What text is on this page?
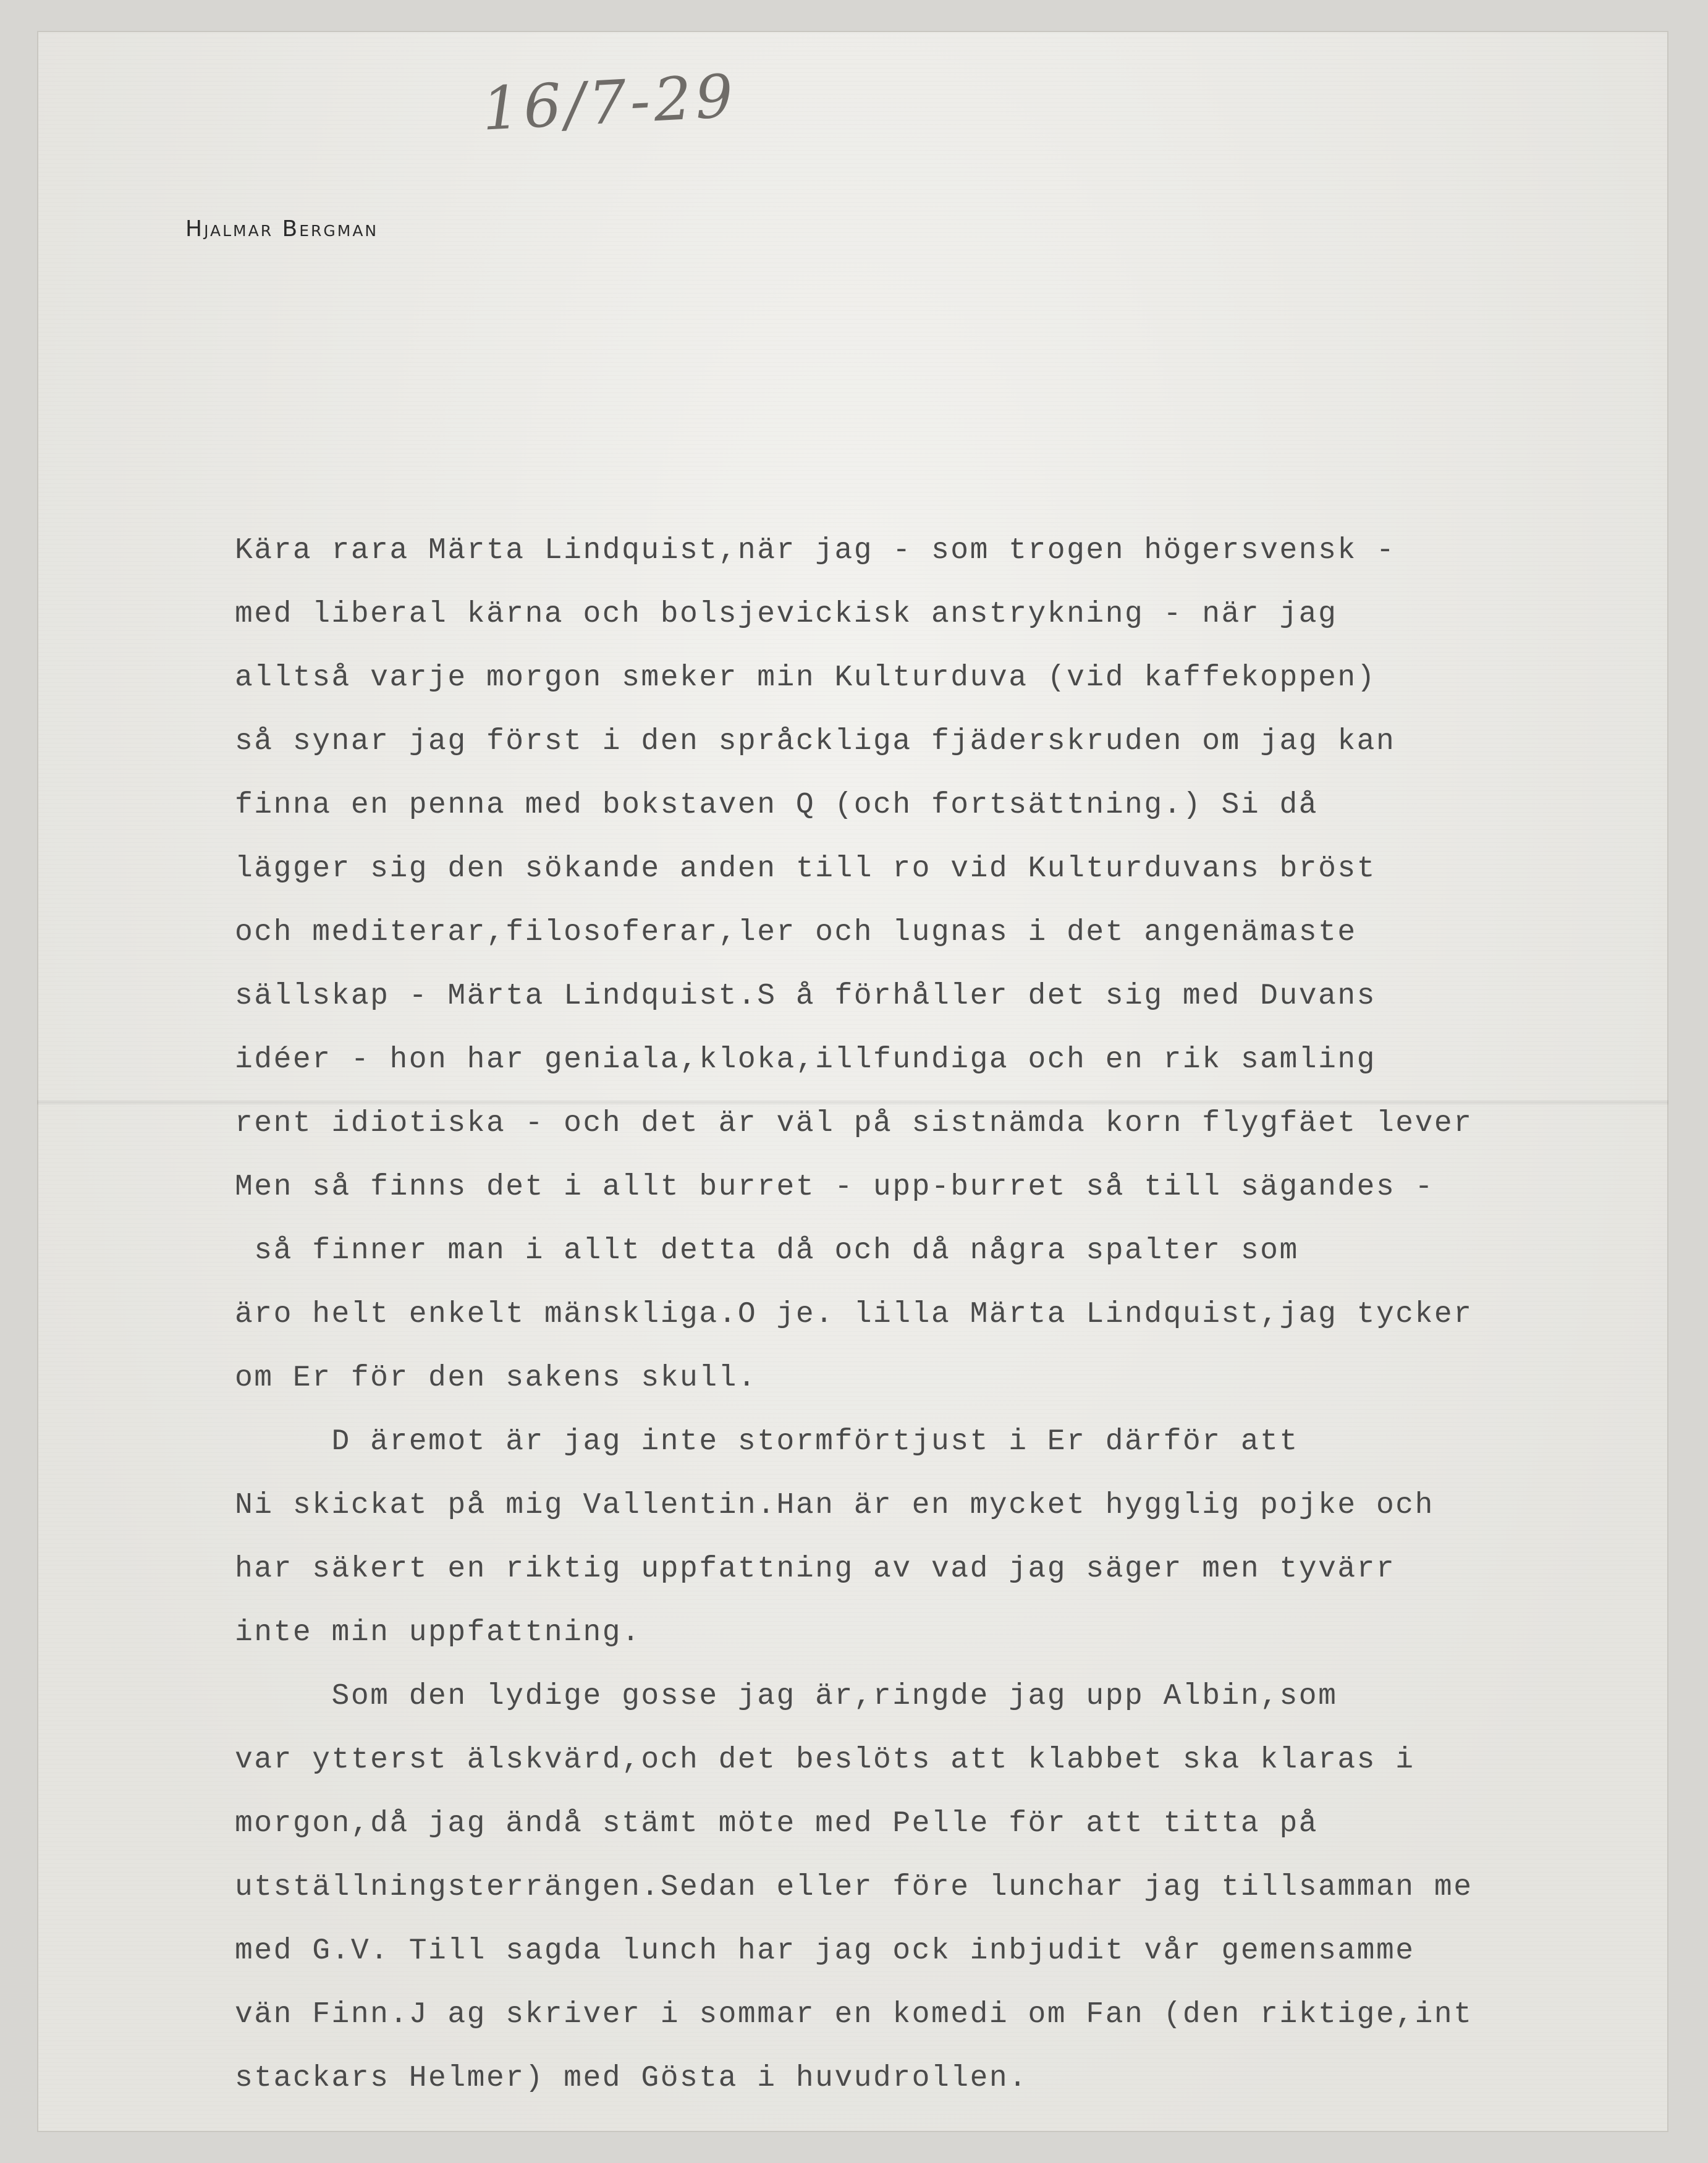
16/7-29
Hjalmar Bergman
Kära rara Märta Lindquist,när jag - som trogen högersvensk -
med liberal kärna och bolsjevickisk anstrykning - när jag
alltså varje morgon smeker min Kulturduva (vid kaffekoppen)
så synar jag först i den språckliga fjäderskruden om jag kan
finna en penna med bokstaven Q (och fortsättning.) Si då
lägger sig den sökande anden till ro vid Kulturduvans bröst
och mediterar,filosoferar,ler och lugnas i det angenämaste
sällskap - Märta Lindquist.S å förhåller det sig med Duvans
idéer - hon har geniala,kloka,illfundiga och en rik samling
rent idiotiska - och det är väl på sistnämda korn flygfäet lever
Men så finns det i allt burret - upp-burret så till sägandes -
så finner man i allt detta då och då några spalter som
äro helt enkelt mänskliga.O je. lilla Märta Lindquist,jag tycker
om Er för den sakens skull.
D äremot är jag inte stormförtjust i Er därför att
Ni skickat på mig Vallentin.Han är en mycket hygglig pojke och
har säkert en riktig uppfattning av vad jag säger men tyvärr
inte min uppfattning.
Som den lydige gosse jag är,ringde jag upp Albin,som
var ytterst älskvärd,och det beslöts att klabbet ska klaras i
morgon,då jag ändå stämt möte med Pelle för att titta på
utställningsterrängen.Sedan eller före lunchar jag tillsamman me
med G.V. Till sagda lunch har jag ock inbjudit vår gemensamme
vän Finn.J ag skriver i sommar en komedi om Fan (den riktige,int
stackars Helmer) med Gösta i huvudrollen.
